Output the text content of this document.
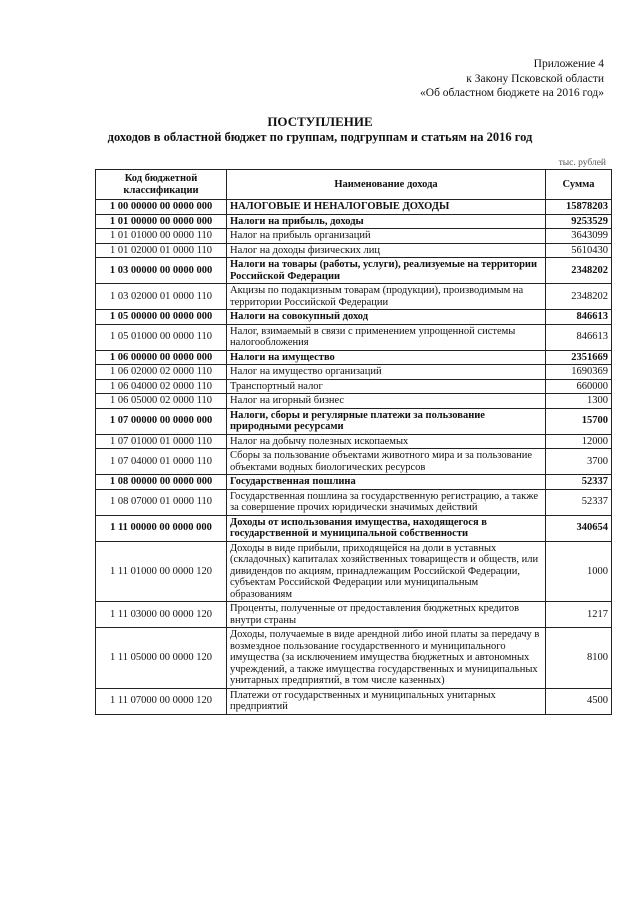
Приложение 4
к Закону Псковской области
«Об областном бюджете на 2016 год»
ПОСТУПЛЕНИЕ
доходов в областной бюджет по группам, подгруппам и статьям на 2016 год
тыс. рублей
Код бюджетной классификации	Наименование дохода	Сумма
1 00 00000 00 0000 000	НАЛОГОВЫЕ И НЕНАЛОГОВЫЕ ДОХОДЫ	15878203
1 01 00000 00 0000 000	Налоги на прибыль, доходы	9253529
1 01 01000 00 0000 110	Налог на прибыль организаций	3643099
1 01 02000 01 0000 110	Налог на доходы физических лиц	5610430
1 03 00000 00 0000 000	Налоги на товары (работы, услуги), реализуемые на территории Российской Федерации	2348202
1 03 02000 01 0000 110	Акцизы по подакцизным товарам (продукции), производимым на территории Российской Федерации	2348202
1 05 00000 00 0000 000	Налоги на совокупный доход	846613
1 05 01000 00 0000 110	Налог, взимаемый в связи с применением упрощенной системы налогообложения	846613
1 06 00000 00 0000 000	Налоги на имущество	2351669
1 06 02000 02 0000 110	Налог на имущество организаций	1690369
1 06 04000 02 0000 110	Транспортный налог	660000
1 06 05000 02 0000 110	Налог на игорный бизнес	1300
1 07 00000 00 0000 000	Налоги, сборы и регулярные платежи за пользование природными ресурсами	15700
1 07 01000 01 0000 110	Налог на добычу полезных ископаемых	12000
1 07 04000 01 0000 110	Сборы за пользование объектами животного мира и за пользование объектами водных биологических ресурсов	3700
1 08 00000 00 0000 000	Государственная пошлина	52337
1 08 07000 01 0000 110	Государственная пошлина за государственную регистрацию, а также за совершение прочих юридически значимых действий	52337
1 11 00000 00 0000 000	Доходы от использования имущества, находящегося в государственной и муниципальной собственности	340654
1 11 01000 00 0000 120	Доходы в виде прибыли, приходящейся на доли в уставных (складочных) капиталах хозяйственных товариществ и обществ, или дивидендов по акциям, принадлежащим Российской Федерации, субъектам Российской Федерации или муниципальным образованиям	1000
1 11 03000 00 0000 120	Проценты, полученные от предоставления бюджетных кредитов внутри страны	1217
1 11 05000 00 0000 120	Доходы, получаемые в виде арендной либо иной платы за передачу в возмездное пользование государственного и муниципального имущества (за исключением имущества бюджетных и автономных учреждений, а также имущества государственных и муниципальных унитарных предприятий, в том числе казенных)	8100
1 11 07000 00 0000 120	Платежи от государственных и муниципальных унитарных предприятий	4500
